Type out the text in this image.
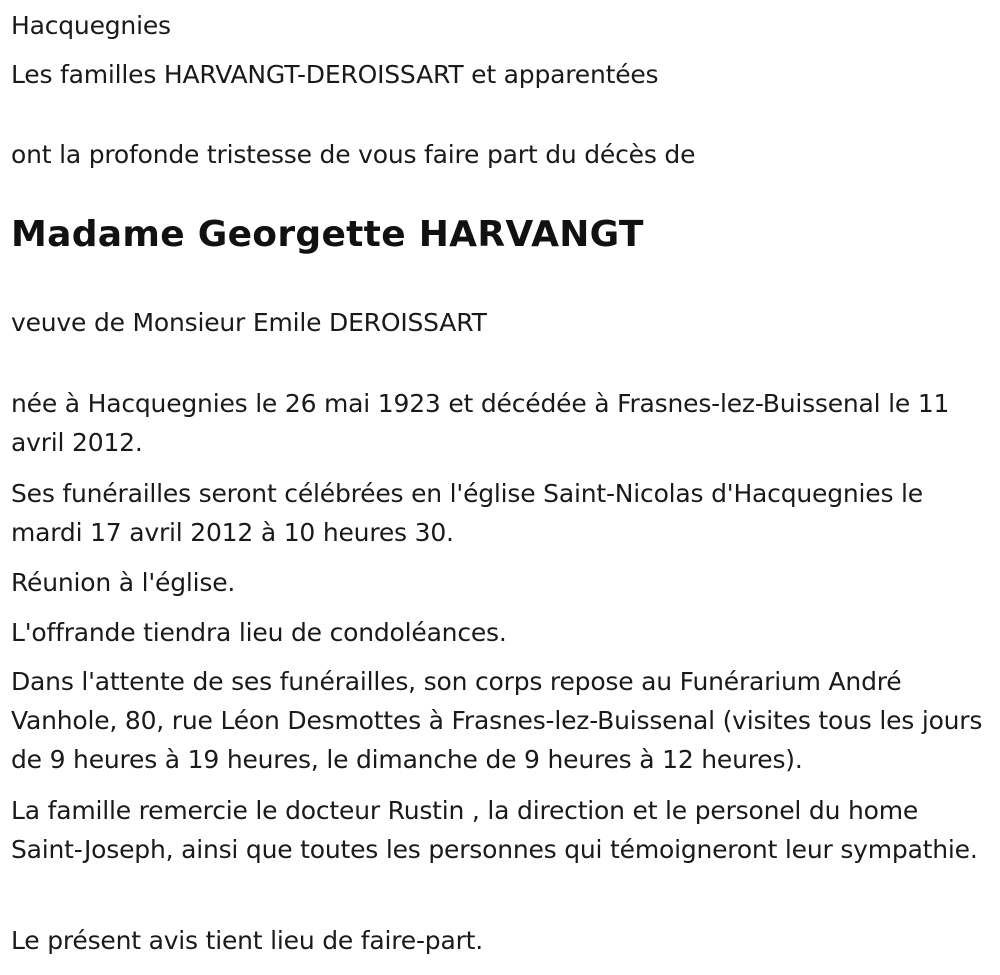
Hacquegnies

Les familles HARVANGT-DEROISSART et apparentées

ont la profonde tristesse de vous faire part du décès de

Madame Georgette HARVANGT

veuve de Monsieur Emile DEROISSART

née à Hacquegnies le 26 mai 1923 et décédée à Frasnes-lez-Buissenal le 11 avril 2012.

Ses funérailles seront célébrées en l'église Saint-Nicolas d'Hacquegnies le mardi 17 avril 2012 à 10 heures 30.

Réunion à l'église.

L'offrande tiendra lieu de condoléances.

Dans l'attente de ses funérailles, son corps repose au Funérarium André Vanhole, 80, rue Léon Desmottes à Frasnes-lez-Buissenal (visites tous les jours de 9 heures à 19 heures, le dimanche de 9 heures à 12 heures).

La famille remercie le docteur Rustin , la direction et le personel du home Saint-Joseph, ainsi que toutes les personnes qui témoigneront leur sympathie.

Le présent avis tient lieu de faire-part.
